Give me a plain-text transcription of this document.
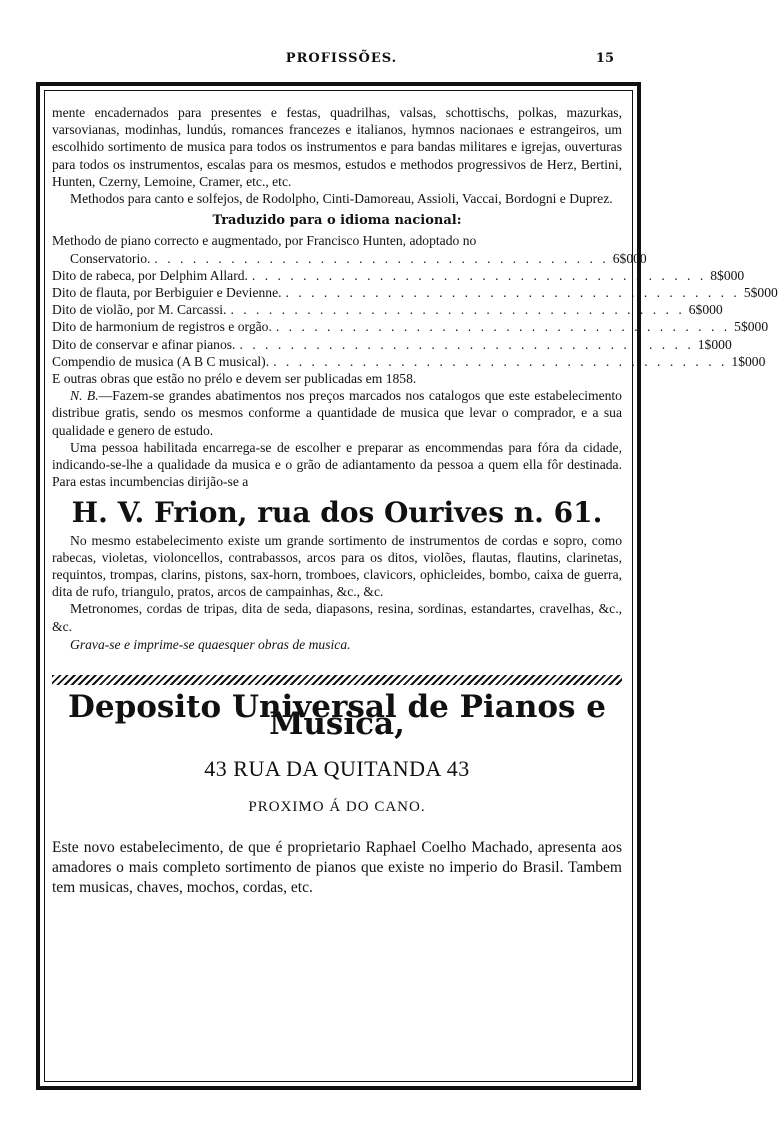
PROFISSÕES.	15

mente encadernados para presentes e festas, quadrilhas, valsas, schottischs, polkas, mazurkas, varsovianas, modinhas, lundús, romances francezes e italianos, hymnos nacionaes e estrangeiros, um escolhido sortimento de musica para todos os instrumentos e para bandas militares e igrejas, ouverturas para todos os instrumentos, escalas para os mesmos, estudos e methodos progressivos de Herz, Bertini, Hunten, Czerny, Lemoine, Cramer, etc., etc.

Methodos para canto e solfejos, de Rodolpho, Cinti-Damoreau, Assioli, Vaccai, Bordogni e Duprez.

Traduzido para o idioma nacional:

Methodo de piano correcto e augmentado, por Francisco Hunten, adoptado no

Conservatorio. . . . . . . . . . . . . . . . . . . . . . . . . . . . . . . . . . . . . 6$000
Dito de rabeca, por Delphim Allard. . . . . . . . . . . . . . . . . . . . . . . . . . . . . . . . . . . . . 8$000
Dito de flauta, por Berbiguier e Devienne. . . . . . . . . . . . . . . . . . . . . . . . . . . . . . . . . . . . . 5$000
Dito de violão, por M. Carcassi. . . . . . . . . . . . . . . . . . . . . . . . . . . . . . . . . . . . . 6$000
Dito de harmonium de registros e orgão. . . . . . . . . . . . . . . . . . . . . . . . . . . . . . . . . . . . . 5$000
Dito de conservar e afinar pianos. . . . . . . . . . . . . . . . . . . . . . . . . . . . . . . . . . . . . 1$000
Compendio de musica (A B C musical). . . . . . . . . . . . . . . . . . . . . . . . . . . . . . . . . . . . . 1$000

E outras obras que estão no prélo e devem ser publicadas em 1858.

N. B.—Fazem-se grandes abatimentos nos preços marcados nos catalogos que este estabelecimento distribue gratis, sendo os mesmos conforme a quantidade de musica que levar o comprador, e a sua qualidade e genero de estudo.

Uma pessoa habilitada encarrega-se de escolher e preparar as encommendas para fóra da cidade, indicando-se-lhe a qualidade da musica e o grão de adiantamento da pessoa a quem ella fôr destinada. Para estas incumbencias dirijão-se a

H. V. Frion, rua dos Ourives n. 61.

No mesmo estabelecimento existe um grande sortimento de instrumentos de cordas e sopro, como rabecas, violetas, violoncellos, contrabassos, arcos para os ditos, violões, flautas, flautins, clarinetas, requintos, trompas, clarins, pistons, sax-horn, tromboes, clavicors, ophicleides, bombo, caixa de guerra, dita de rufo, triangulo, pratos, arcos de campainhas, &c., &c.

Metronomes, cordas de tripas, dita de seda, diapasons, resina, sordinas, estandartes, cravelhas, &c., &c.

Grava-se e imprime-se quaesquer obras de musica.

Deposito Universal de Pianos e Musica,
43 RUA DA QUITANDA 43
PROXIMO Á DO CANO.

Este novo estabelecimento, de que é proprietario Raphael Coelho Machado, apresenta aos amadores o mais completo sortimento de pianos que existe no imperio do Brasil. Tambem tem musicas, chaves, mochos, cordas, etc.
